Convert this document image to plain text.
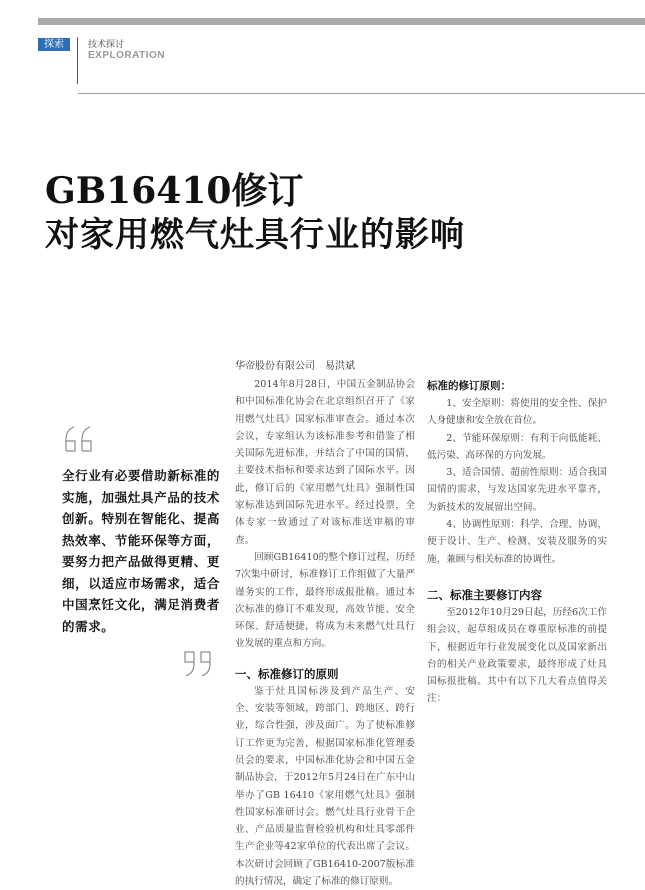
探索	技术探讨
EXPLORATION
GB16410修订
对家用燃气灶具行业的影响
华帝股份有限公司　易洪斌
全行业有必要借助新标准的实施，加强灶具产品的技术创新。特别在智能化、提高热效率、节能环保等方面，要努力把产品做得更精、更细，以适应市场需求，适合中国烹饪文化，满足消费者的需求。

2014年8月28日，中国五金制品协会和中国标准化协会在北京组织召开了《家用燃气灶具》国家标准审查会。通过本次会议，专家组认为该标准参考和借鉴了相关国际先进标准，并结合了中国的国情，主要技术指标和要求达到了国际水平。因此，修订后的《家用燃气灶具》强制性国家标准达到国际先进水平。经过投票，全体专家一致通过了对该标准送审稿的审查。

回顾GB16410的整个修订过程，历经7次集中研讨，标准修订工作组做了大量严谨务实的工作，最终形成报批稿。通过本次标准的修订不难发现，高效节能、安全环保、舒适便捷，将成为未来燃气灶具行业发展的重点和方向。

一、标准修订的原则

鉴于灶具国标涉及到产品生产、安全、安装等领域，跨部门、跨地区、跨行业，综合性强，涉及面广。为了使标准修订工作更为完善，根据国家标准化管理委员会的要求，中国标准化协会和中国五金制品协会，于2012年5月24日在广东中山举办了GB 16410《家用燃气灶具》强制性国家标准研讨会。燃气灶具行业骨干企业、产品质量监督检验机构和灶具零部件生产企业等42家单位的代表出席了会议。本次研讨会回顾了GB16410-2007版标准的执行情况，确定了标准的修订原则。

标准的修订原则：

1、安全原则：将使用的安全性、保护人身健康和安全放在首位。

2、节能环保原则：有利于向低能耗、低污染、高环保的方向发展。

3、适合国情、超前性原则：适合我国国情的需求，与发达国家先进水平靠齐，为新技术的发展留出空间。

4、协调性原则：科学、合理、协调，便于设计、生产、检测、安装及服务的实施，兼顾与相关标准的协调性。

二、标准主要修订内容

至2012年10月29日起，历经6次工作组会议，起草组成员在尊重原标准的前提下，根据近年行业发展变化以及国家新出台的相关产业政策要求，最终形成了灶具国标报批稿。其中有以下几大看点值得关注：
